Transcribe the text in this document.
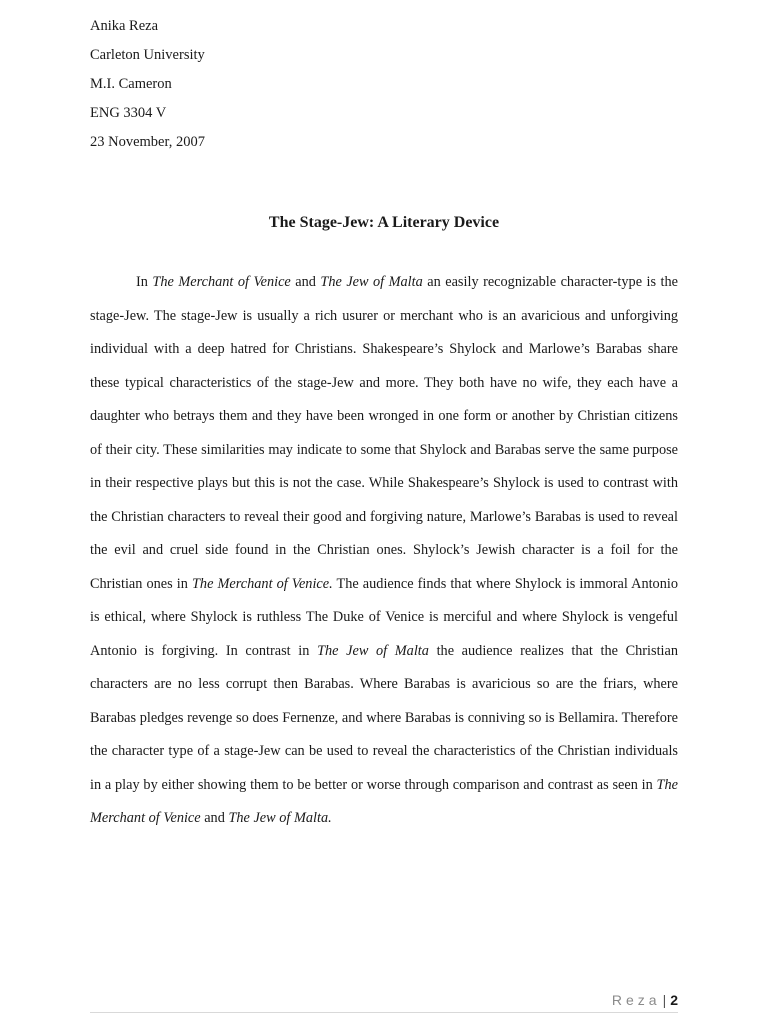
Anika Reza
Carleton University
M.I. Cameron
ENG 3304 V
23 November, 2007
The Stage-Jew: A Literary Device

In The Merchant of Venice and The Jew of Malta an easily recognizable character-type is the stage-Jew. The stage-Jew is usually a rich usurer or merchant who is an avaricious and unforgiving individual with a deep hatred for Christians. Shakespeare’s Shylock and Marlowe’s Barabas share these typical characteristics of the stage-Jew and more. They both have no wife, they each have a daughter who betrays them and they have been wronged in one form or another by Christian citizens of their city. These similarities may indicate to some that Shylock and Barabas serve the same purpose in their respective plays but this is not the case. While Shakespeare’s Shylock is used to contrast with the Christian characters to reveal their good and forgiving nature, Marlowe’s Barabas is used to reveal the evil and cruel side found in the Christian ones. Shylock’s Jewish character is a foil for the Christian ones in The Merchant of Venice. The audience finds that where Shylock is immoral Antonio is ethical, where Shylock is ruthless The Duke of Venice is merciful and where Shylock is vengeful Antonio is forgiving. In contrast in The Jew of Malta the audience realizes that the Christian characters are no less corrupt then Barabas. Where Barabas is avaricious so are the friars, where Barabas pledges revenge so does Fernenze, and where Barabas is conniving so is Bellamira. Therefore the character type of a stage-Jew can be used to reveal the characteristics of the Christian individuals in a play by either showing them to be better or worse through comparison and contrast as seen in The Merchant of Venice and The Jew of Malta.

Reza | 2
